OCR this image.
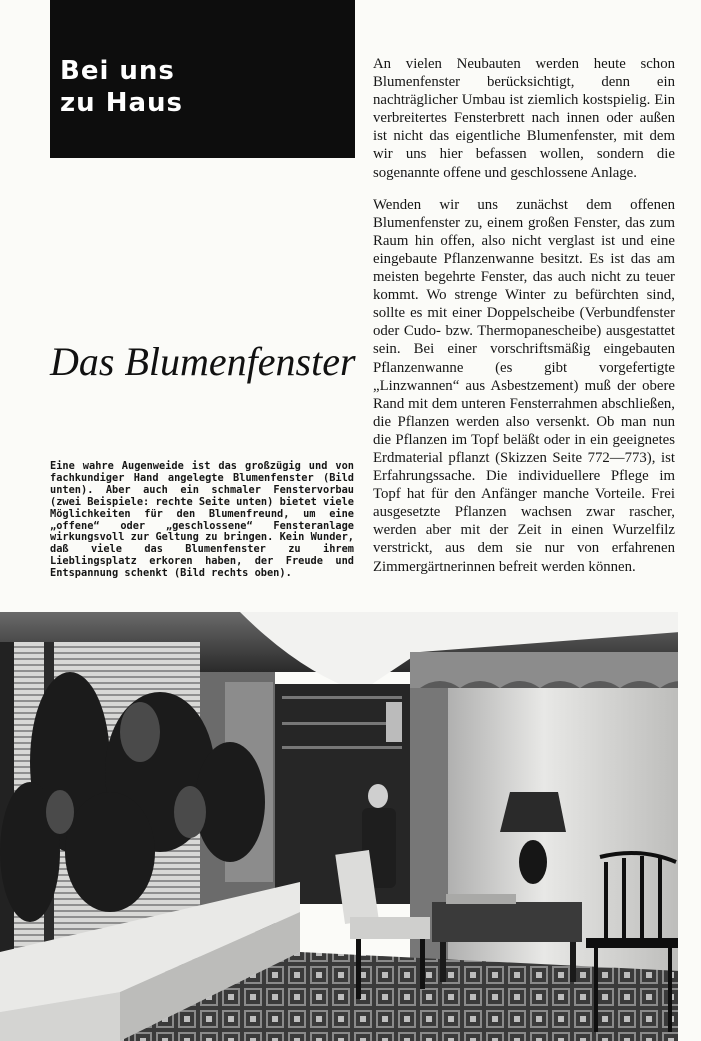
Bei uns
zu Haus
Das Blumenfenster

Eine wahre Augenweide ist das großzügig und von fachkundiger Hand angelegte Blumenfenster (Bild unten). Aber auch ein schmaler Fenstervorbau (zwei Beispiele: rechte Seite unten) bietet viele Möglichkeiten für den Blumenfreund, um eine „offene“ oder „geschlossene“ Fensteranlage wirkungsvoll zur Geltung zu bringen. Kein Wunder, daß viele das Blumenfenster zu ihrem Lieblingsplatz erkoren haben, der Freude und Entspannung schenkt (Bild rechts oben).

An vielen Neubauten werden heute schon Blumenfenster berücksichtigt, denn ein nachträglicher Umbau ist ziemlich kostspielig. Ein verbreitertes Fensterbrett nach innen oder außen ist nicht das eigentliche Blumenfenster, mit dem wir uns hier befassen wollen, sondern die sogenannte offene und geschlossene Anlage.

Wenden wir uns zunächst dem offenen Blumenfenster zu, einem großen Fenster, das zum Raum hin offen, also nicht verglast ist und eine eingebaute Pflanzenwanne besitzt. Es ist das am meisten begehrte Fenster, das auch nicht zu teuer kommt. Wo strenge Winter zu befürchten sind, sollte es mit einer Doppelscheibe (Verbundfenster oder Cudo- bzw. Thermopanescheibe) ausgestattet sein. Bei einer vorschriftsmäßig eingebauten Pflanzenwanne (es gibt vorgefertigte „Linzwannen“ aus Asbestzement) muß der obere Rand mit dem unteren Fensterrahmen abschließen, die Pflanzen werden also versenkt. Ob man nun die Pflanzen im Topf beläßt oder in ein geeignetes Erdmaterial pflanzt (Skizzen Seite 772—773), ist Erfahrungssache. Die individuellere Pflege im Topf hat für den Anfänger manche Vorteile. Frei ausgesetzte Pflanzen wachsen zwar rascher, werden aber mit der Zeit in einen Wurzelfilz verstrickt, aus dem sie nur von erfahrenen Zimmergärtnerinnen befreit werden können.
